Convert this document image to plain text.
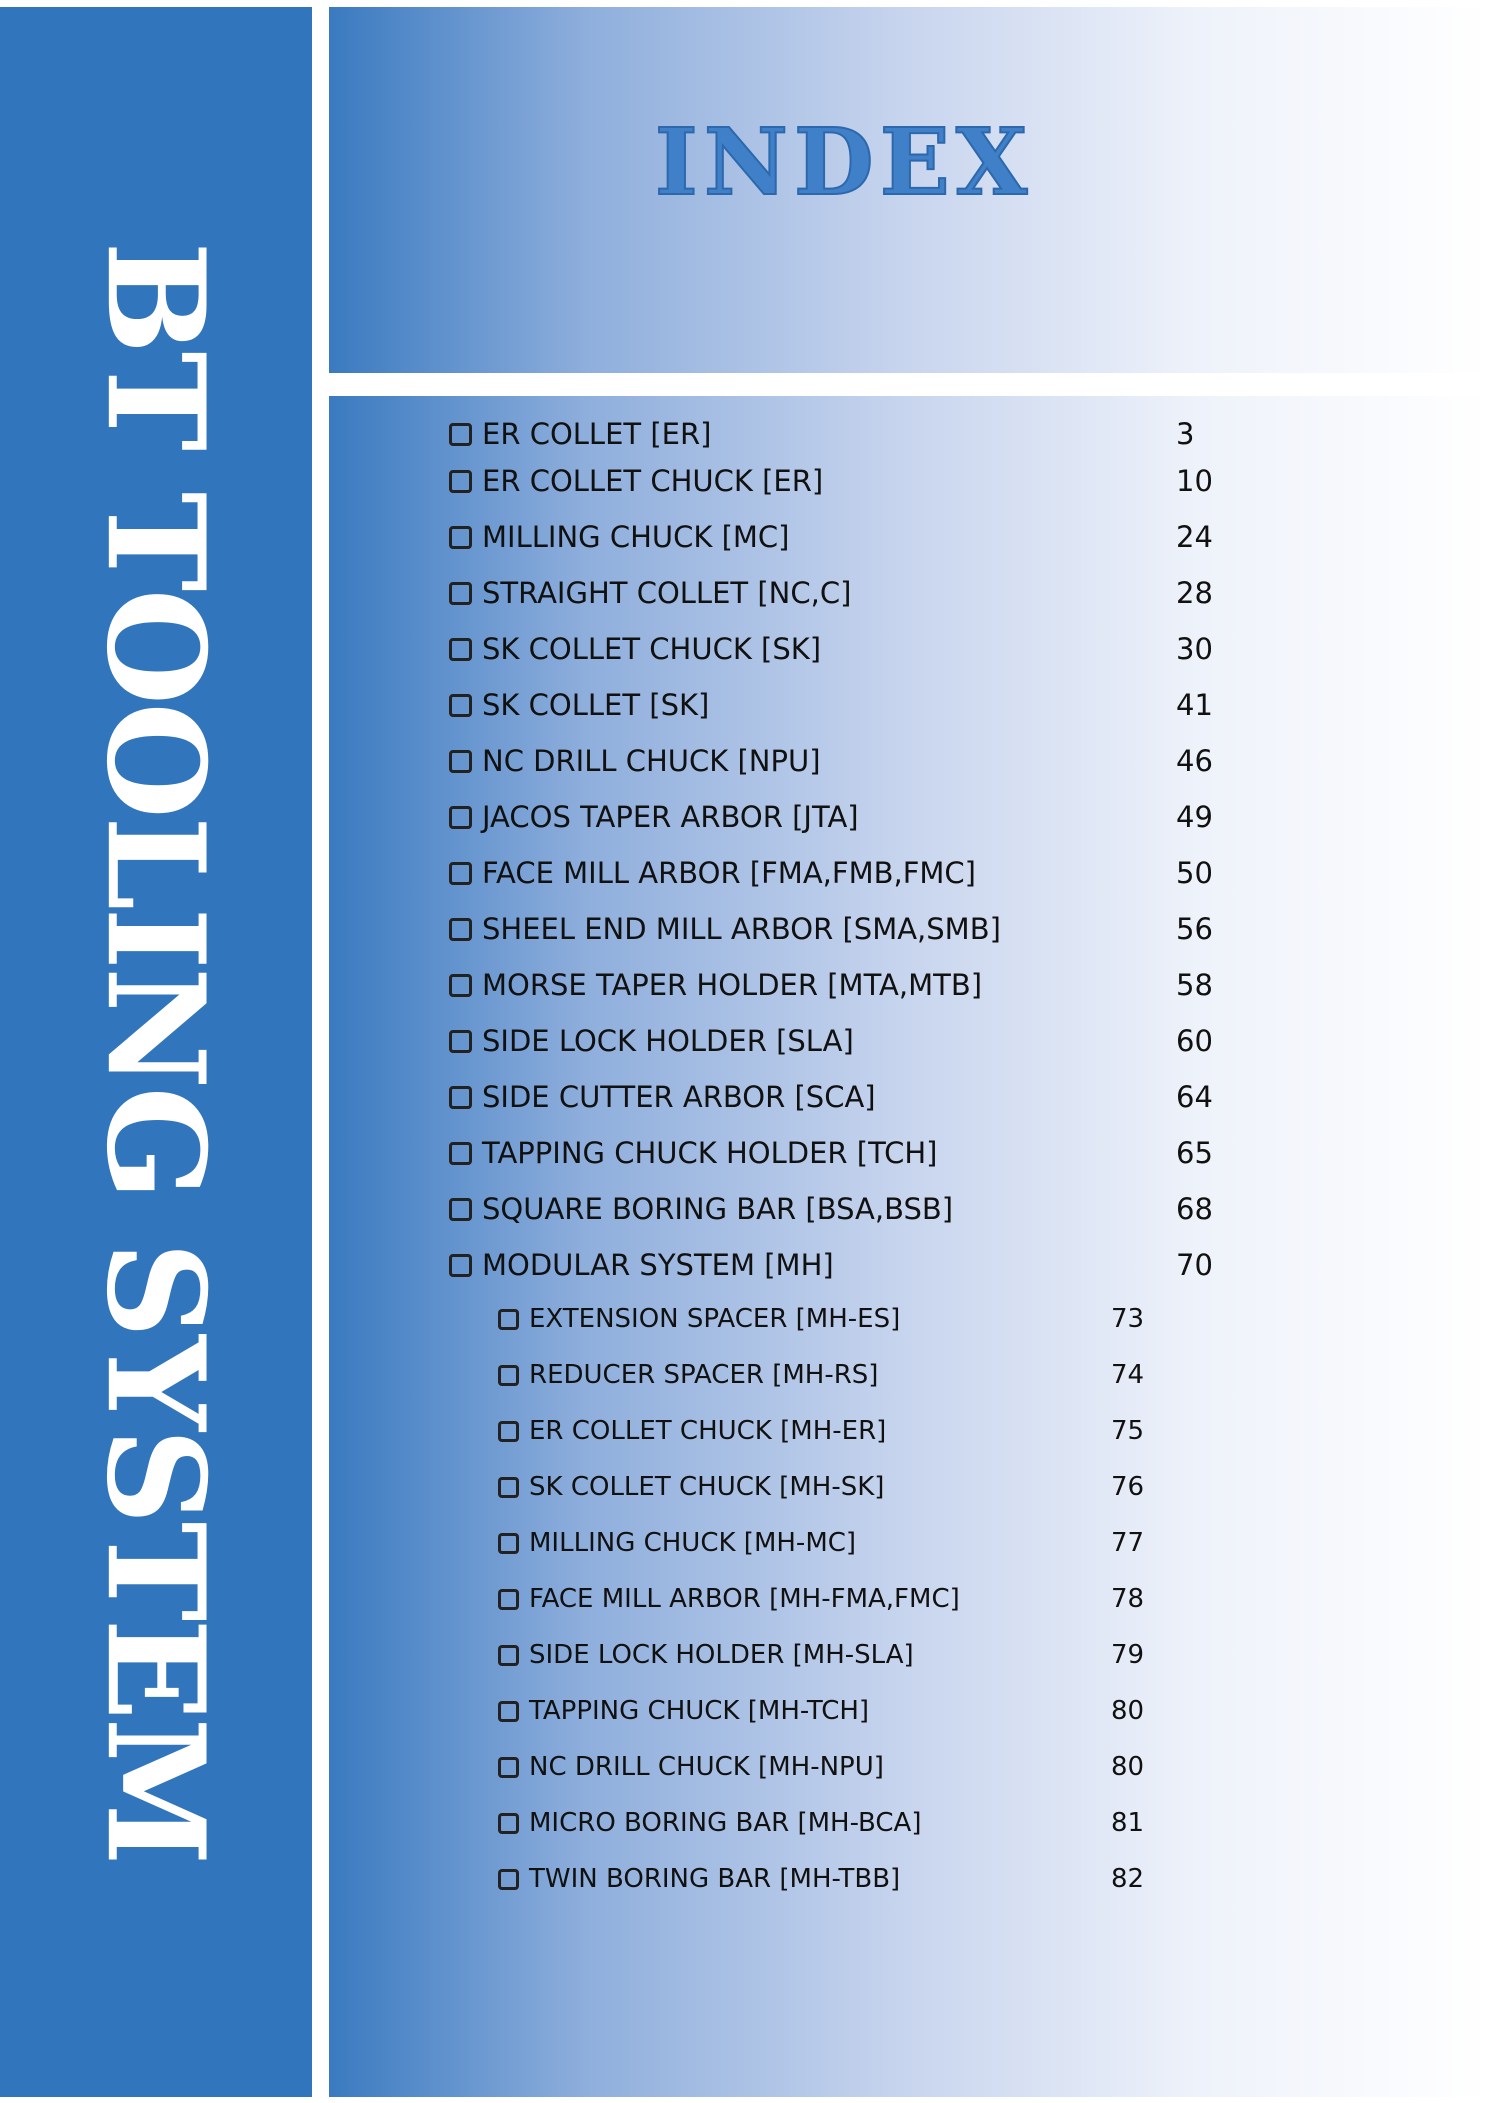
BT TOOLING SYSTEM
INDEX
ER COLLET [ER]	3
ER COLLET CHUCK [ER]	10
MILLING CHUCK [MC]	24
STRAIGHT COLLET [NC,C]	28
SK COLLET CHUCK [SK]	30
SK COLLET [SK]	41
NC DRILL CHUCK [NPU]	46
JACOS TAPER ARBOR [JTA]	49
FACE MILL ARBOR [FMA,FMB,FMC]	50
SHEEL END MILL ARBOR [SMA,SMB]	56
MORSE TAPER HOLDER [MTA,MTB]	58
SIDE LOCK HOLDER [SLA]	60
SIDE CUTTER ARBOR [SCA]	64
TAPPING CHUCK HOLDER [TCH]	65
SQUARE BORING BAR [BSA,BSB]	68
MODULAR SYSTEM [MH]	70
EXTENSION SPACER [MH-ES]	73
REDUCER SPACER [MH-RS]	74
ER COLLET CHUCK [MH-ER]	75
SK COLLET CHUCK [MH-SK]	76
MILLING CHUCK [MH-MC]	77
FACE MILL ARBOR [MH-FMA,FMC]	78
SIDE LOCK HOLDER [MH-SLA]	79
TAPPING CHUCK [MH-TCH]	80
NC DRILL CHUCK [MH-NPU]	80
MICRO BORING BAR [MH-BCA]	81
TWIN BORING BAR [MH-TBB]	82
